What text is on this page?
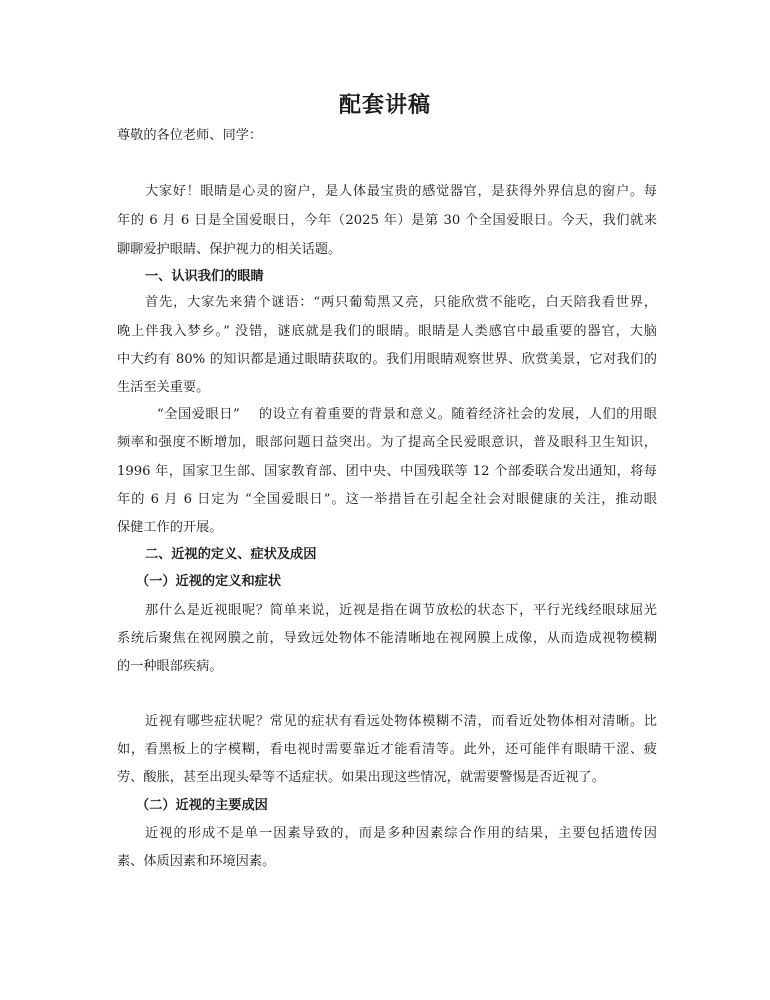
配套讲稿
尊敬的各位老师、同学：
大家好！眼睛是心灵的窗户，是人体最宝贵的感觉器官，是获得外界信息的窗户。每
年的 6 月 6 日是全国爱眼日，今年（2025 年）是第 30 个全国爱眼日。今天，我们就来
聊聊爱护眼睛、保护视力的相关话题。
一、认识我们的眼睛
首先，大家先来猜个谜语：“两只葡萄黑又亮，只能欣赏不能吃，白天陪我看世界，
晚上伴我入梦乡。” 没错，谜底就是我们的眼睛。眼睛是人类感官中最重要的器官，大脑
中大约有 80% 的知识都是通过眼睛获取的。我们用眼睛观察世界、欣赏美景，它对我们的
生活至关重要。
“全国爱眼日”　 的设立有着重要的背景和意义。随着经济社会的发展，人们的用眼
频率和强度不断增加，眼部问题日益突出。为了提高全民爱眼意识，普及眼科卫生知识，
1996 年，国家卫生部、国家教育部、团中央、中国残联等 12 个部委联合发出通知，将每
年的 6 月 6 日定为 “全国爱眼日”。这一举措旨在引起全社会对眼健康的关注，推动眼
保健工作的开展。
二、近视的定义、症状及成因
（一）近视的定义和症状
那什么是近视眼呢？简单来说，近视是指在调节放松的状态下，平行光线经眼球屈光
系统后聚焦在视网膜之前，导致远处物体不能清晰地在视网膜上成像，从而造成视物模糊
的一种眼部疾病。
近视有哪些症状呢？常见的症状有看远处物体模糊不清，而看近处物体相对清晰。比
如，看黑板上的字模糊，看电视时需要靠近才能看清等。此外，还可能伴有眼睛干涩、疲
劳、酸胀，甚至出现头晕等不适症状。如果出现这些情况，就需要警惕是否近视了。
（二）近视的主要成因
近视的形成不是单一因素导致的，而是多种因素综合作用的结果，主要包括遗传因
素、体质因素和环境因素。
